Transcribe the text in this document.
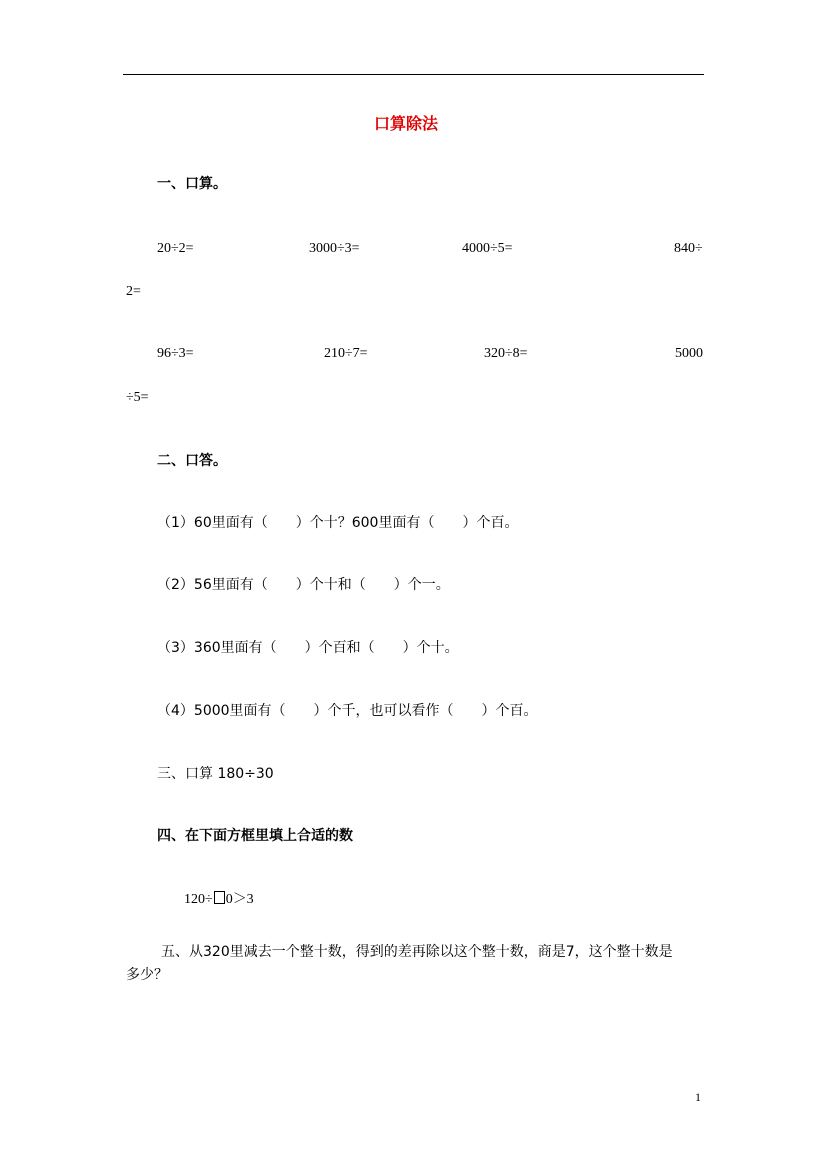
口算除法
一、口算。
20÷2=	3000÷3=	4000÷5=	840÷
2=
96÷3=	210÷7=	320÷8=	5000
÷5=
二、口答。
（1）60里面有（　　）个十？600里面有（　　）个百。
（2）56里面有（　　）个十和（　　）个一。
（3）360里面有（　　）个百和（　　）个十。
（4）5000里面有（　　）个千，也可以看作（　　）个百。
三、口算 180÷30
四、在下面方框里填上合适的数
120÷ 0＞3
五、从320里减去一个整十数，得到的差再除以这个整十数，商是7，这个整十数是
多少？
1
